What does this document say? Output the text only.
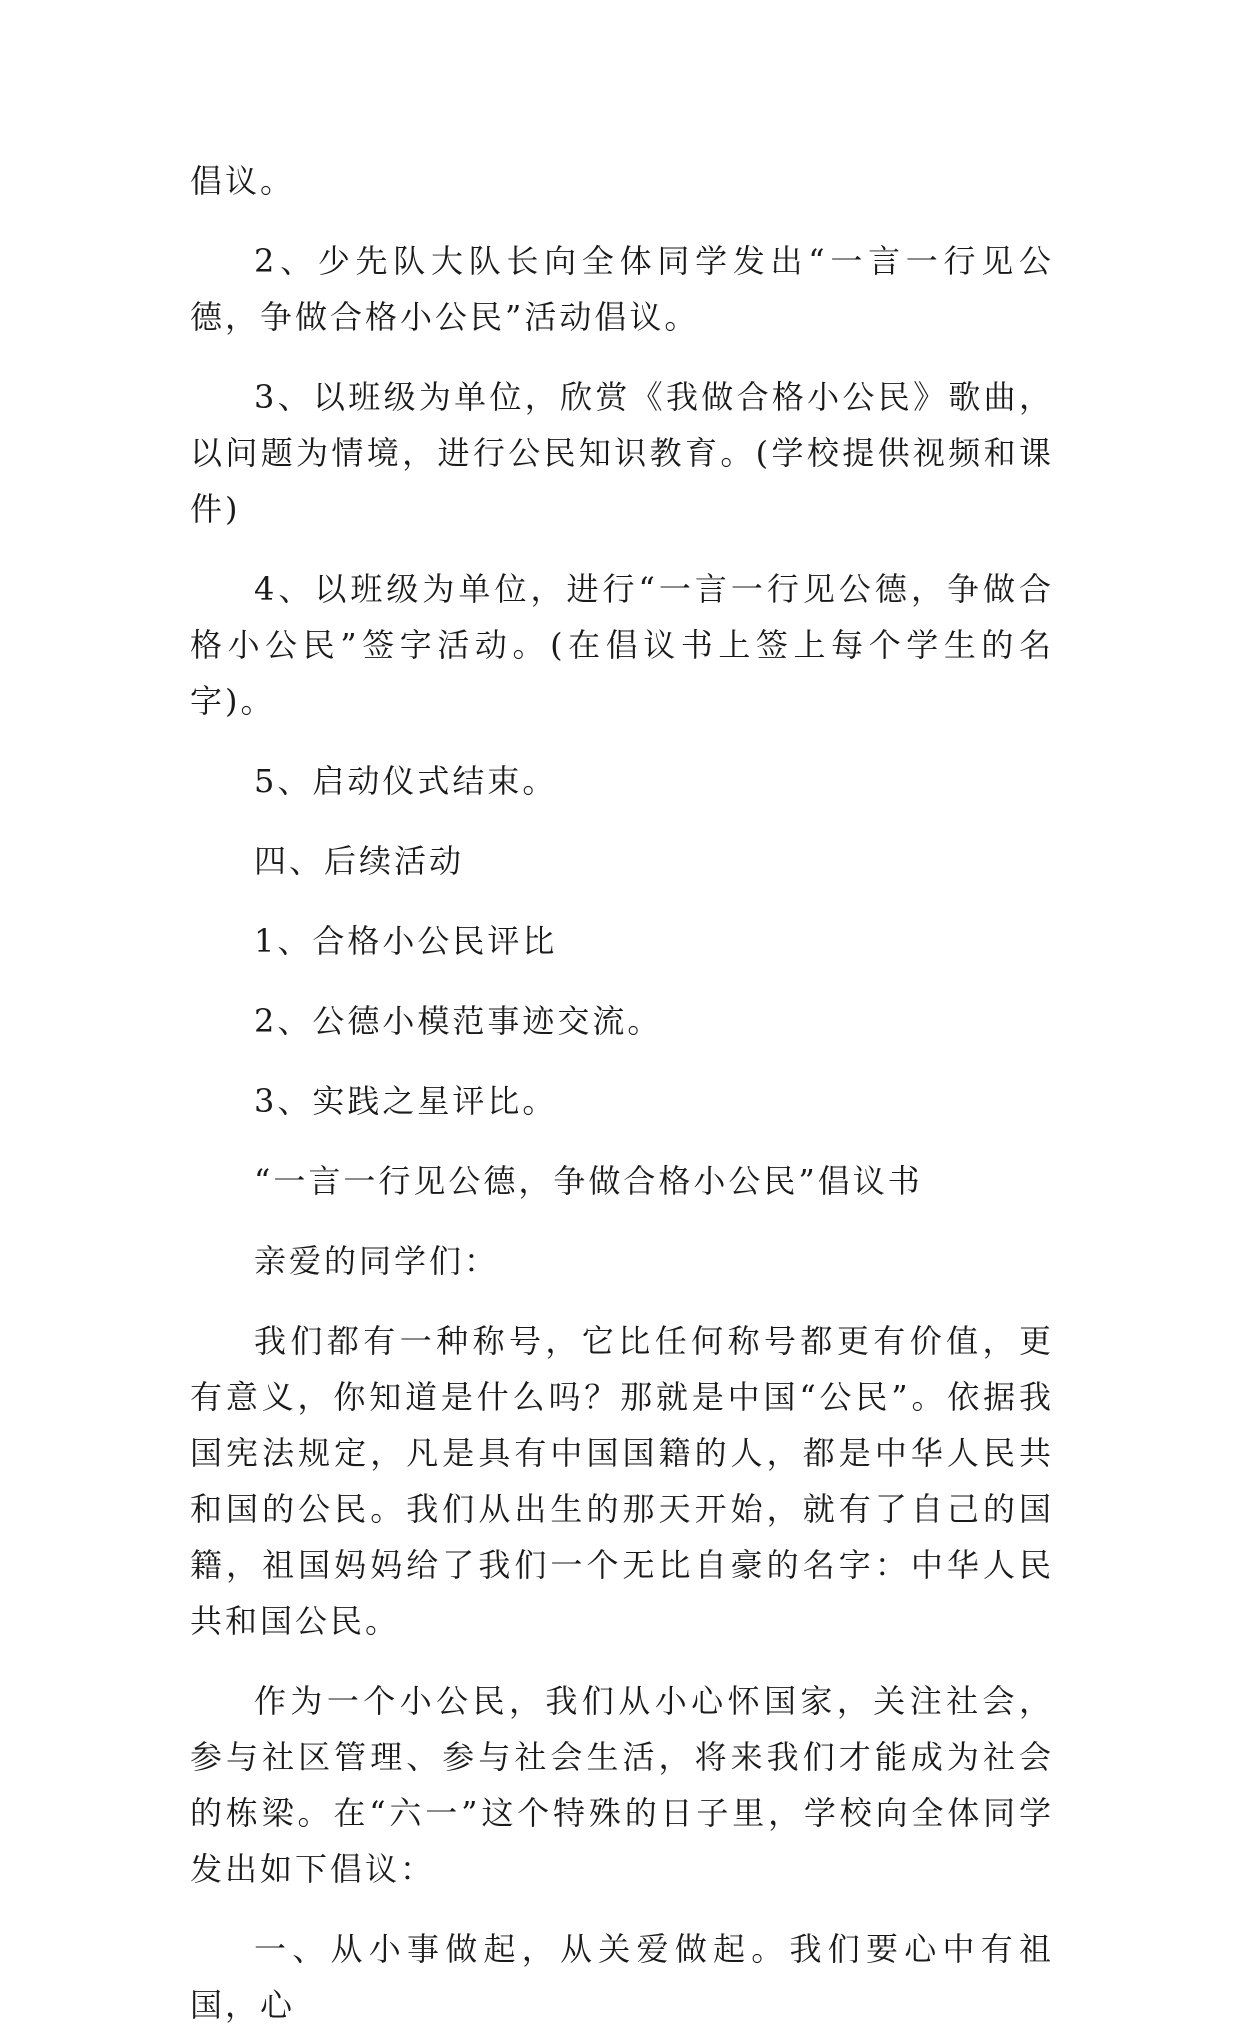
倡议。

2、少先队大队长向全体同学发出“一言一行见公德，争做合格小公民”活动倡议。

3、以班级为单位，欣赏《我做合格小公民》歌曲，以问题为情境，进行公民知识教育。(学校提供视频和课件)

4、以班级为单位，进行“一言一行见公德，争做合格小公民”签字活动。(在倡议书上签上每个学生的名字)。

5、启动仪式结束。

四、后续活动

1、合格小公民评比

2、公德小模范事迹交流。

3、实践之星评比。

“一言一行见公德，争做合格小公民”倡议书

亲爱的同学们：

我们都有一种称号，它比任何称号都更有价值，更有意义，你知道是什么吗？那就是中国“公民”。依据我国宪法规定，凡是具有中国国籍的人，都是中华人民共和国的公民。我们从出生的那天开始，就有了自己的国籍，祖国妈妈给了我们一个无比自豪的名字：中华人民共和国公民。

作为一个小公民，我们从小心怀国家，关注社会，参与社区管理、参与社会生活，将来我们才能成为社会的栋梁。在“六一”这个特殊的日子里，学校向全体同学发出如下倡议：

一、从小事做起，从关爱做起。我们要心中有祖国，心
